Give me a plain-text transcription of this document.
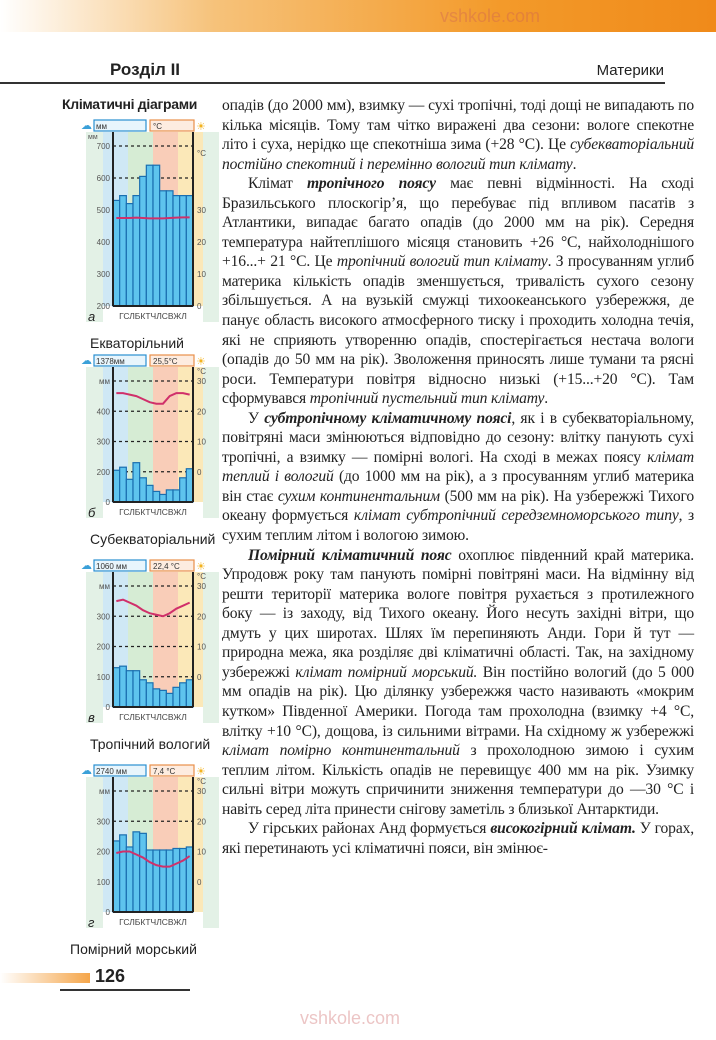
Розділ II	Материки
Кліматичні діаграми
☁ мм	°C	☀
200	0
300	10
400	20
500	30
600
700
мм
°C
ГСЛБКТЧЛСВЖЛ
а
Екваторільний
☁ 1378мм	25,5°C ☀
0
200	0
300	10
400	20
мм	30
°C
ГСЛБКТЧЛСВЖЛ
б
Субекваторіальний
☁ 1060 мм	22,4 °C ☀
0
100	0
200	10
300	20
мм	30
°C
ГСЛБКТЧЛСВЖЛ
в
Тропічний вологий
☁ 2740 мм	7,4 °C ☀
0
100	0
200	10
300	20
мм	30
°C
ГСЛБКТЧЛСВЖЛ
г
Помірний морський

опадів (до 2000 мм), взимку — сухі тропічні, тоді дощі не випадають по кілька місяців. Тому там чітко виражені два сезони: вологе спекотне літо і суха, нерідко ще спекотніша зима (+28 °C). Це субекваторіальний постійно спекотний і перемінно вологий тип клімату.

Клімат тропічного поясу має певні відмінності. На сході Бразильського плоскогір’я, що перебуває під впливом пасатів з Атлантики, випадає багато опадів (до 2000 мм на рік). Середня температура найтеплішого місяця становить +26 °C, найхолоднішого +16...+ 21 °C. Це тропічний вологий тип клімату. З просуванням углиб материка кількість опадів зменшується, тривалість сухого сезону збільшується. А на вузькій смужці тихоокеанського узбережжя, де панує область високого атмосферного тиску і проходить холодна течія, які не сприяють утворенню опадів, спостерігається нестача вологи (опадів до 50 мм на рік). Зволоження приносять лише тумани та рясні роси. Температури повітря відносно низькі (+15...+20 °C). Там сформувався тропічний пустельний тип клімату.

У субтропічному кліматичному поясі, як і в субекваторіальному, повітряні маси змінюються відповідно до сезону: влітку панують сухі тропічні, а взимку — помірні вологі. На сході в межах поясу клімат теплий і вологий (до 1000 мм на рік), а з просуванням углиб материка він стає сухим континентальним (500 мм на рік). На узбережжі Тихого океану формується клімат субтропічний середземноморського типу, з сухим теплим літом і вологою зимою.

Помірний кліматичний пояс охоплює південний край материка. Упродовж року там панують помірні повітряні маси. На відмінну від решти території материка вологе повітря рухається з протилежного боку — із заходу, від Тихого океану. Його несуть західні вітри, що дмуть у цих широтах. Шлях їм перепиняють Анди. Гори й тут — природна межа, яка розділяє дві кліматичні області. Так, на західному узбережжі клімат помірний морський. Він постійно вологий (до 5 000 мм опадів на рік). Цю ділянку узбережжя часто називають «мокрим кутком» Південної Америки. Погода там прохолодна (взимку +4 °C, влітку +10 °C), дощова, із сильними вітрами. На східному ж узбережжі клімат помірно континентальний з прохолодною зимою і сухим теплим літом. Кількість опадів не перевищує 400 мм на рік. Узимку сильні вітри можуть спричинити зниження температури до —30 °C і навіть серед літа принести снігову заметіль з близької Антарктиди.

У гірських районах Анд формується високогірний клімат. У горах, які перетинають усі кліматичні пояси, він змінює-

126
vshkole.com
vshkole.com
